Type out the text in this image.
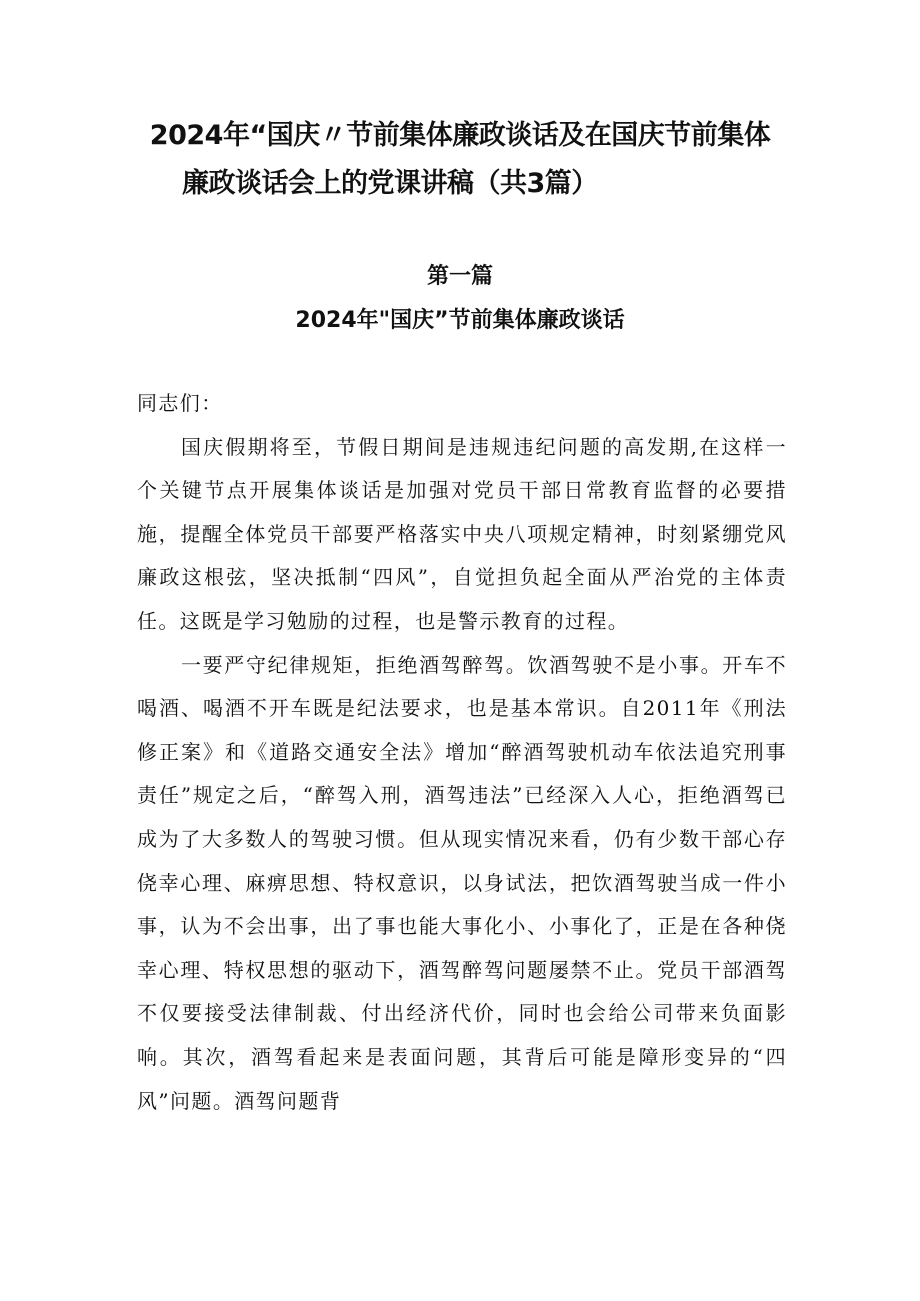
2024年“国庆〃节前集体廉政谈话及在国庆节前集体
廉政谈话会上的党课讲稿（共3篇）
第一篇
2024年"国庆”节前集体廉政谈话

同志们：

国庆假期将至，节假日期间是违规违纪问题的高发期,在这样一个关键节点开展集体谈话是加强对党员干部日常教育监督的必要措施，提醒全体党员干部要严格落实中央八项规定精神，时刻紧绷党风廉政这根弦，坚决抵制“四风”，自觉担负起全面从严治党的主体责任。这既是学习勉励的过程，也是警示教育的过程。

一要严守纪律规矩，拒绝酒驾醉驾。饮酒驾驶不是小事。开车不喝酒、喝酒不开车既是纪法要求，也是基本常识。自2011年《刑法修正案》和《道路交通安全法》增加“醉酒驾驶机动车依法追究刑事责任”规定之后，“醉驾入刑，酒驾违法”已经深入人心，拒绝酒驾已成为了大多数人的驾驶习惯。但从现实情况来看，仍有少数干部心存侥幸心理、麻痹思想、特权意识，以身试法，把饮酒驾驶当成一件小事，认为不会出事，出了事也能大事化小、小事化了，正是在各种侥幸心理、特权思想的驱动下，酒驾醉驾问题屡禁不止。党员干部酒驾不仅要接受法律制裁、付出经济代价，同时也会给公司带来负面影响。其次，酒驾看起来是表面问题，其背后可能是障形变异的“四风”问题。酒驾问题背
